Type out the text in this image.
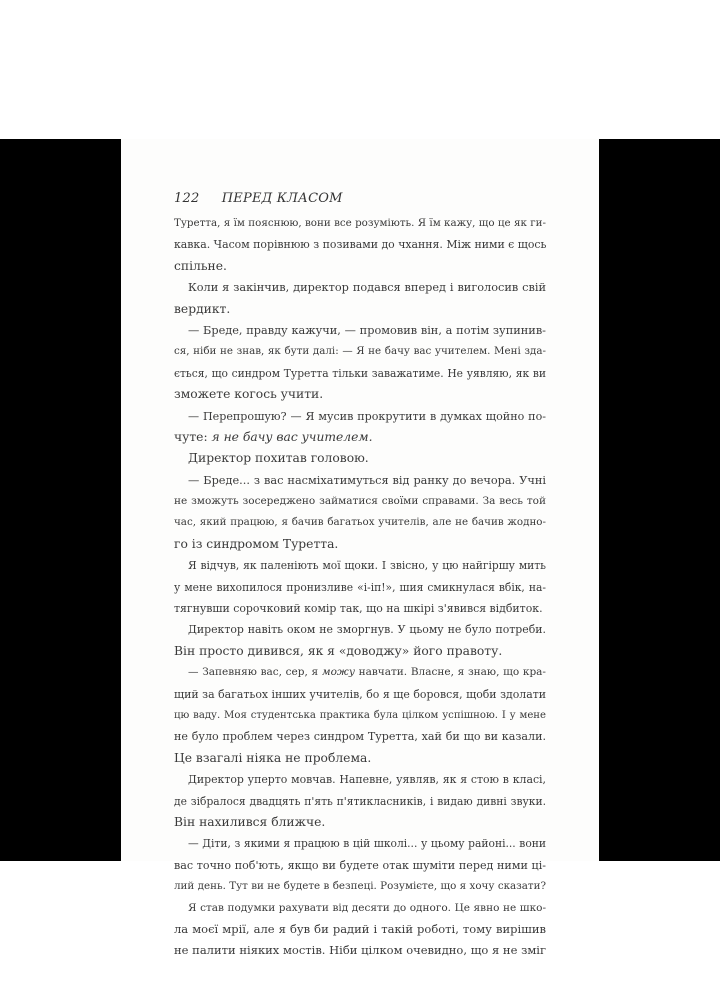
122 ПЕРЕД КЛАСОМ
Туретта, я їм пояснюю, вони все розуміють. Я їм кажу, що це як ги-
кавка. Часом порівнюю з позивами до чхання. Між ними є щось
спільне.
Коли я закінчив, директор подався вперед і виголосив свій
вердикт.
— Бреде, правду кажучи, — промовив він, а потім зупинив-
ся, ніби не знав, як бути далі: — Я не бачу вас учителем. Мені зда-
ється, що синдром Туретта тільки заважатиме. Не уявляю, як ви
зможете когось учити.
— Перепрошую? — Я мусив прокрутити в думках щойно по-
чуте: я не бачу вас учителем.
Директор похитав головою.
— Бреде... з вас насміхатимуться від ранку до вечора. Учні
не зможуть зосереджено займатися своїми справами. За весь той
час, який працюю, я бачив багатьох учителів, але не бачив жодно-
го із синдромом Туретта.
Я відчув, як паленіють мої щоки. І звісно, у цю найгіршу мить
у мене вихопилося пронизливе «і-іп!», шия смикнулася вбік, на-
тягнувши сорочковий комір так, що на шкірі з'явився відбиток.
Директор навіть оком не зморгнув. У цьому не було потреби.
Він просто дивився, як я «доводжу» його правоту.
— Запевняю вас, сер, я можу навчати. Власне, я знаю, що кра-
щий за багатьох інших учителів, бо я ще боровся, щоби здолати
цю ваду. Моя студентська практика була цілком успішною. І у мене
не було проблем через синдром Туретта, хай би що ви казали.
Це взагалі ніяка не проблема.
Директор уперто мовчав. Напевне, уявляв, як я стою в класі,
де зібралося двадцять п'ять п'ятикласників, і видаю дивні звуки.
Він нахилився ближче.
— Діти, з якими я працюю в цій школі... у цьому районі... вони
вас точно поб'ють, якщо ви будете отак шуміти перед ними ці-
лий день. Тут ви не будете в безпеці. Розумієте, що я хочу сказати?
Я став подумки рахувати від десяти до одного. Це явно не шко-
ла моєї мрії, але я був би радий і такій роботі, тому вирішив
не палити ніяких мостів. Ніби цілком очевидно, що я не зміг
